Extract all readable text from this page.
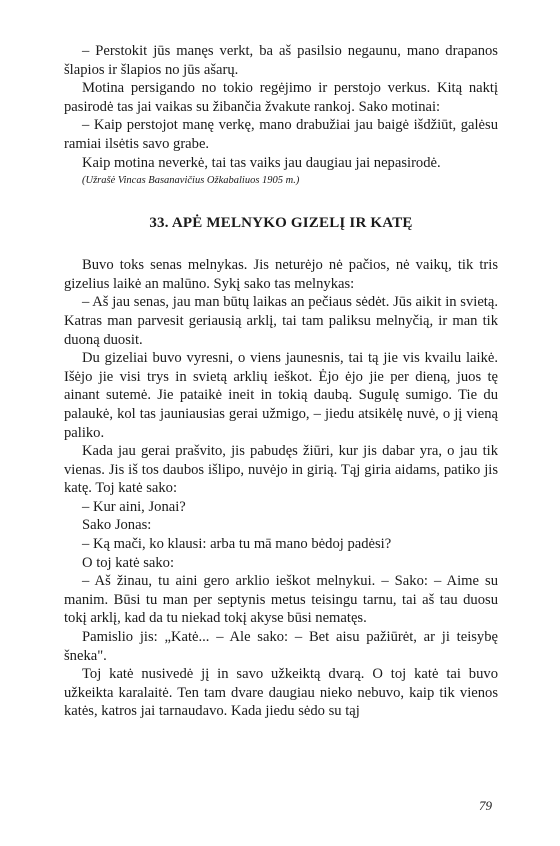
– Perstokit jūs manęs verkt, ba aš pasilsio negaunu, mano drapanos šlapios ir šlapios no jūs ašarų.

Motina persigando no tokio regėjimo ir perstojo verkus. Kitą naktį pasirodė tas jai vaikas su žibančia žvakute rankoj. Sako motinai:

– Kaip perstojot manę verkę, mano drabužiai jau baigė išdžiūt, galėsu ramiai ilsėtis savo grabe.

Kaip motina neverkė, tai tas vaiks jau daugiau jai nepasirodė.

(Užrašė Vincas Basanavičius Ožkabaliuos 1905 m.)

33. APĖ MELNYKO GIZELĮ IR KATĘ

Buvo toks senas melnykas. Jis neturėjo nė pačios, nė vaikų, tik tris gizelius laikė an malūno. Sykį sako tas melnykas:

– Aš jau senas, jau man būtų laikas an pečiaus sėdėt. Jūs aikit in svietą. Katras man parvesit geriausią arklį, tai tam paliksu melnyčią, ir man tik duoną duosit.

Du gizeliai buvo vyresni, o viens jaunesnis, tai tą jie vis kvailu laikė. Išėjo jie visi trys in svietą arklių ieškot. Ėjo ėjo jie per dieną, juos tę ainant sutemė. Jie pataikė ineit in tokią daubą. Sugulę sumigo. Tie du palaukė, kol tas jauniausias gerai užmigo, – jiedu atsikėlę nuvė, o jį vieną paliko.

Kada jau gerai prašvito, jis pabudęs žiūri, kur jis dabar yra, o jau tik vienas. Jis iš tos daubos išlipo, nuvėjo in girią. Tąj giria aidams, patiko jis katę. Toj katė sako:

– Kur aini, Jonai?

Sako Jonas:

– Ką mači, ko klausi: arba tu mā mano bėdoj padėsi?

O toj katė sako:

– Aš žinau, tu aini gero arklio ieškot melnykui. – Sako: – Aime su manim. Būsi tu man per septynis metus teisingu tarnu, tai aš tau duosu tokį arklį, kad da tu niekad tokį akyse būsi nematęs.

Pamislio jis: „Katė... – Ale sako: – Bet aisu pažiūrėt, ar ji teisybę šneka".

Toj katė nusivedė jį in savo užkeiktą dvarą. O toj katė tai buvo užkeikta karalaitė. Ten tam dvare daugiau nieko nebuvo, kaip tik vienos katės, katros jai tarnaudavo. Kada jiedu sėdo su tąj

79
